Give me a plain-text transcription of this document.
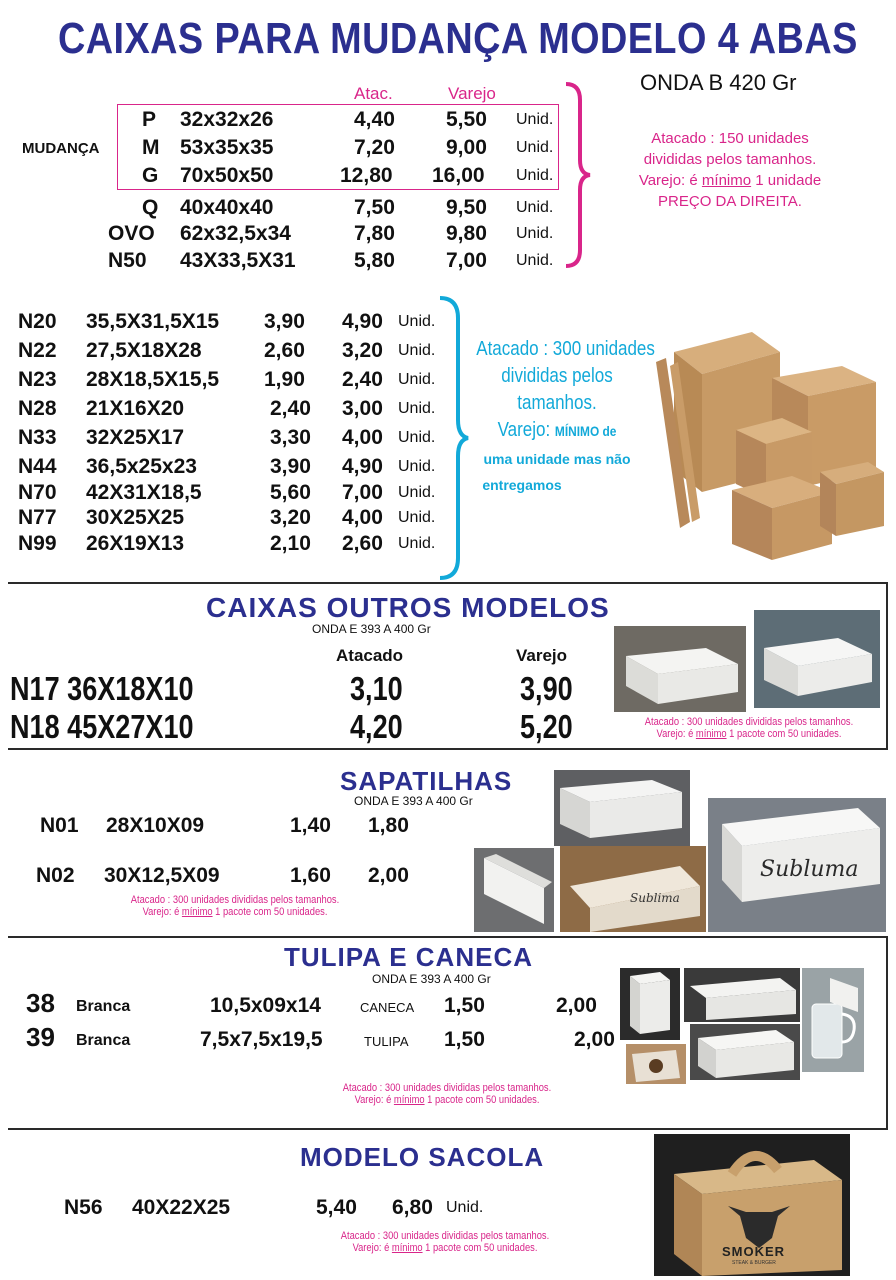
CAIXAS PARA MUDANÇA MODELO 4 ABAS
ONDA B 420 Gr
Atac.	Varejo
MUDANÇA
P 32x32x26	4,40 5,50 Unid.
M 53x35x35	7,20 9,00 Unid.
G 70x50x50	12,80 16,00 Unid.
Q 40x40x40	7,50 9,50 Unid.
OVO 62x32,5x34	7,80 9,80 Unid.
N50 43X33,5X31	5,80 7,00 Unid.
Atacado : 150 unidades
divididas pelos tamanhos.
Varejo: é mínimo 1 unidade
PREÇO DA DIREITA.
N20 35,5X31,5X15 3,90 4,90 Unid.
N22 27,5X18X28	2,60 3,20 Unid.
N23 28X18,5X15,5 1,90 2,40 Unid.
N28 21X16X20	2,40 3,00 Unid.
N33 32X25X17	3,30 4,00 Unid.
N44 36,5x25x23	3,90 4,90 Unid.
N70 42X31X18,5	5,60 7,00 Unid.
N77 30X25X25	3,20 4,00 Unid.
N99 26X19X13	2,10 2,60 Unid.
Atacado : 300 unidades
divididas pelos
tamanhos.
Varejo: MÍNIMO de
uma unidade mas não
entregamos
CAIXAS OUTROS MODELOS
ONDA E 393 A 400 Gr
Atacado	Varejo
N17 36X18X10	3,10	3,90
N18 45X27X10	4,20	5,20	Atacado : 300 unidades divididas pelos tamanhos.
Varejo: é mínimo 1 pacote com 50 unidades.
SAPATILHAS
ONDA E 393 A 400 Gr
N01 28X10X09	1,40 1,80
N02 30X12,5X09	1,60 2,00
Atacado : 300 unidades divididas pelos tamanhos.
Varejo: é mínimo 1 pacote com 50 unidades.
Sublima
Subluma
TULIPA E CANECA
ONDA E 393 A 400 Gr
38 Branca	10,5x09x14	CANECA 1,50	2,00
39 Branca	7,5x7,5x19,5	TULIPA 1,50	2,00
Atacado : 300 unidades divididas pelos tamanhos.
Varejo: é mínimo 1 pacote com 50 unidades.
MODELO SACOLA
N56 40X22X25	5,40 6,80 Unid.
Atacado : 300 unidades divididas pelos tamanhos.
Varejo: é mínimo 1 pacote com 50 unidades.	SMOKER
STEAK & BURGER
